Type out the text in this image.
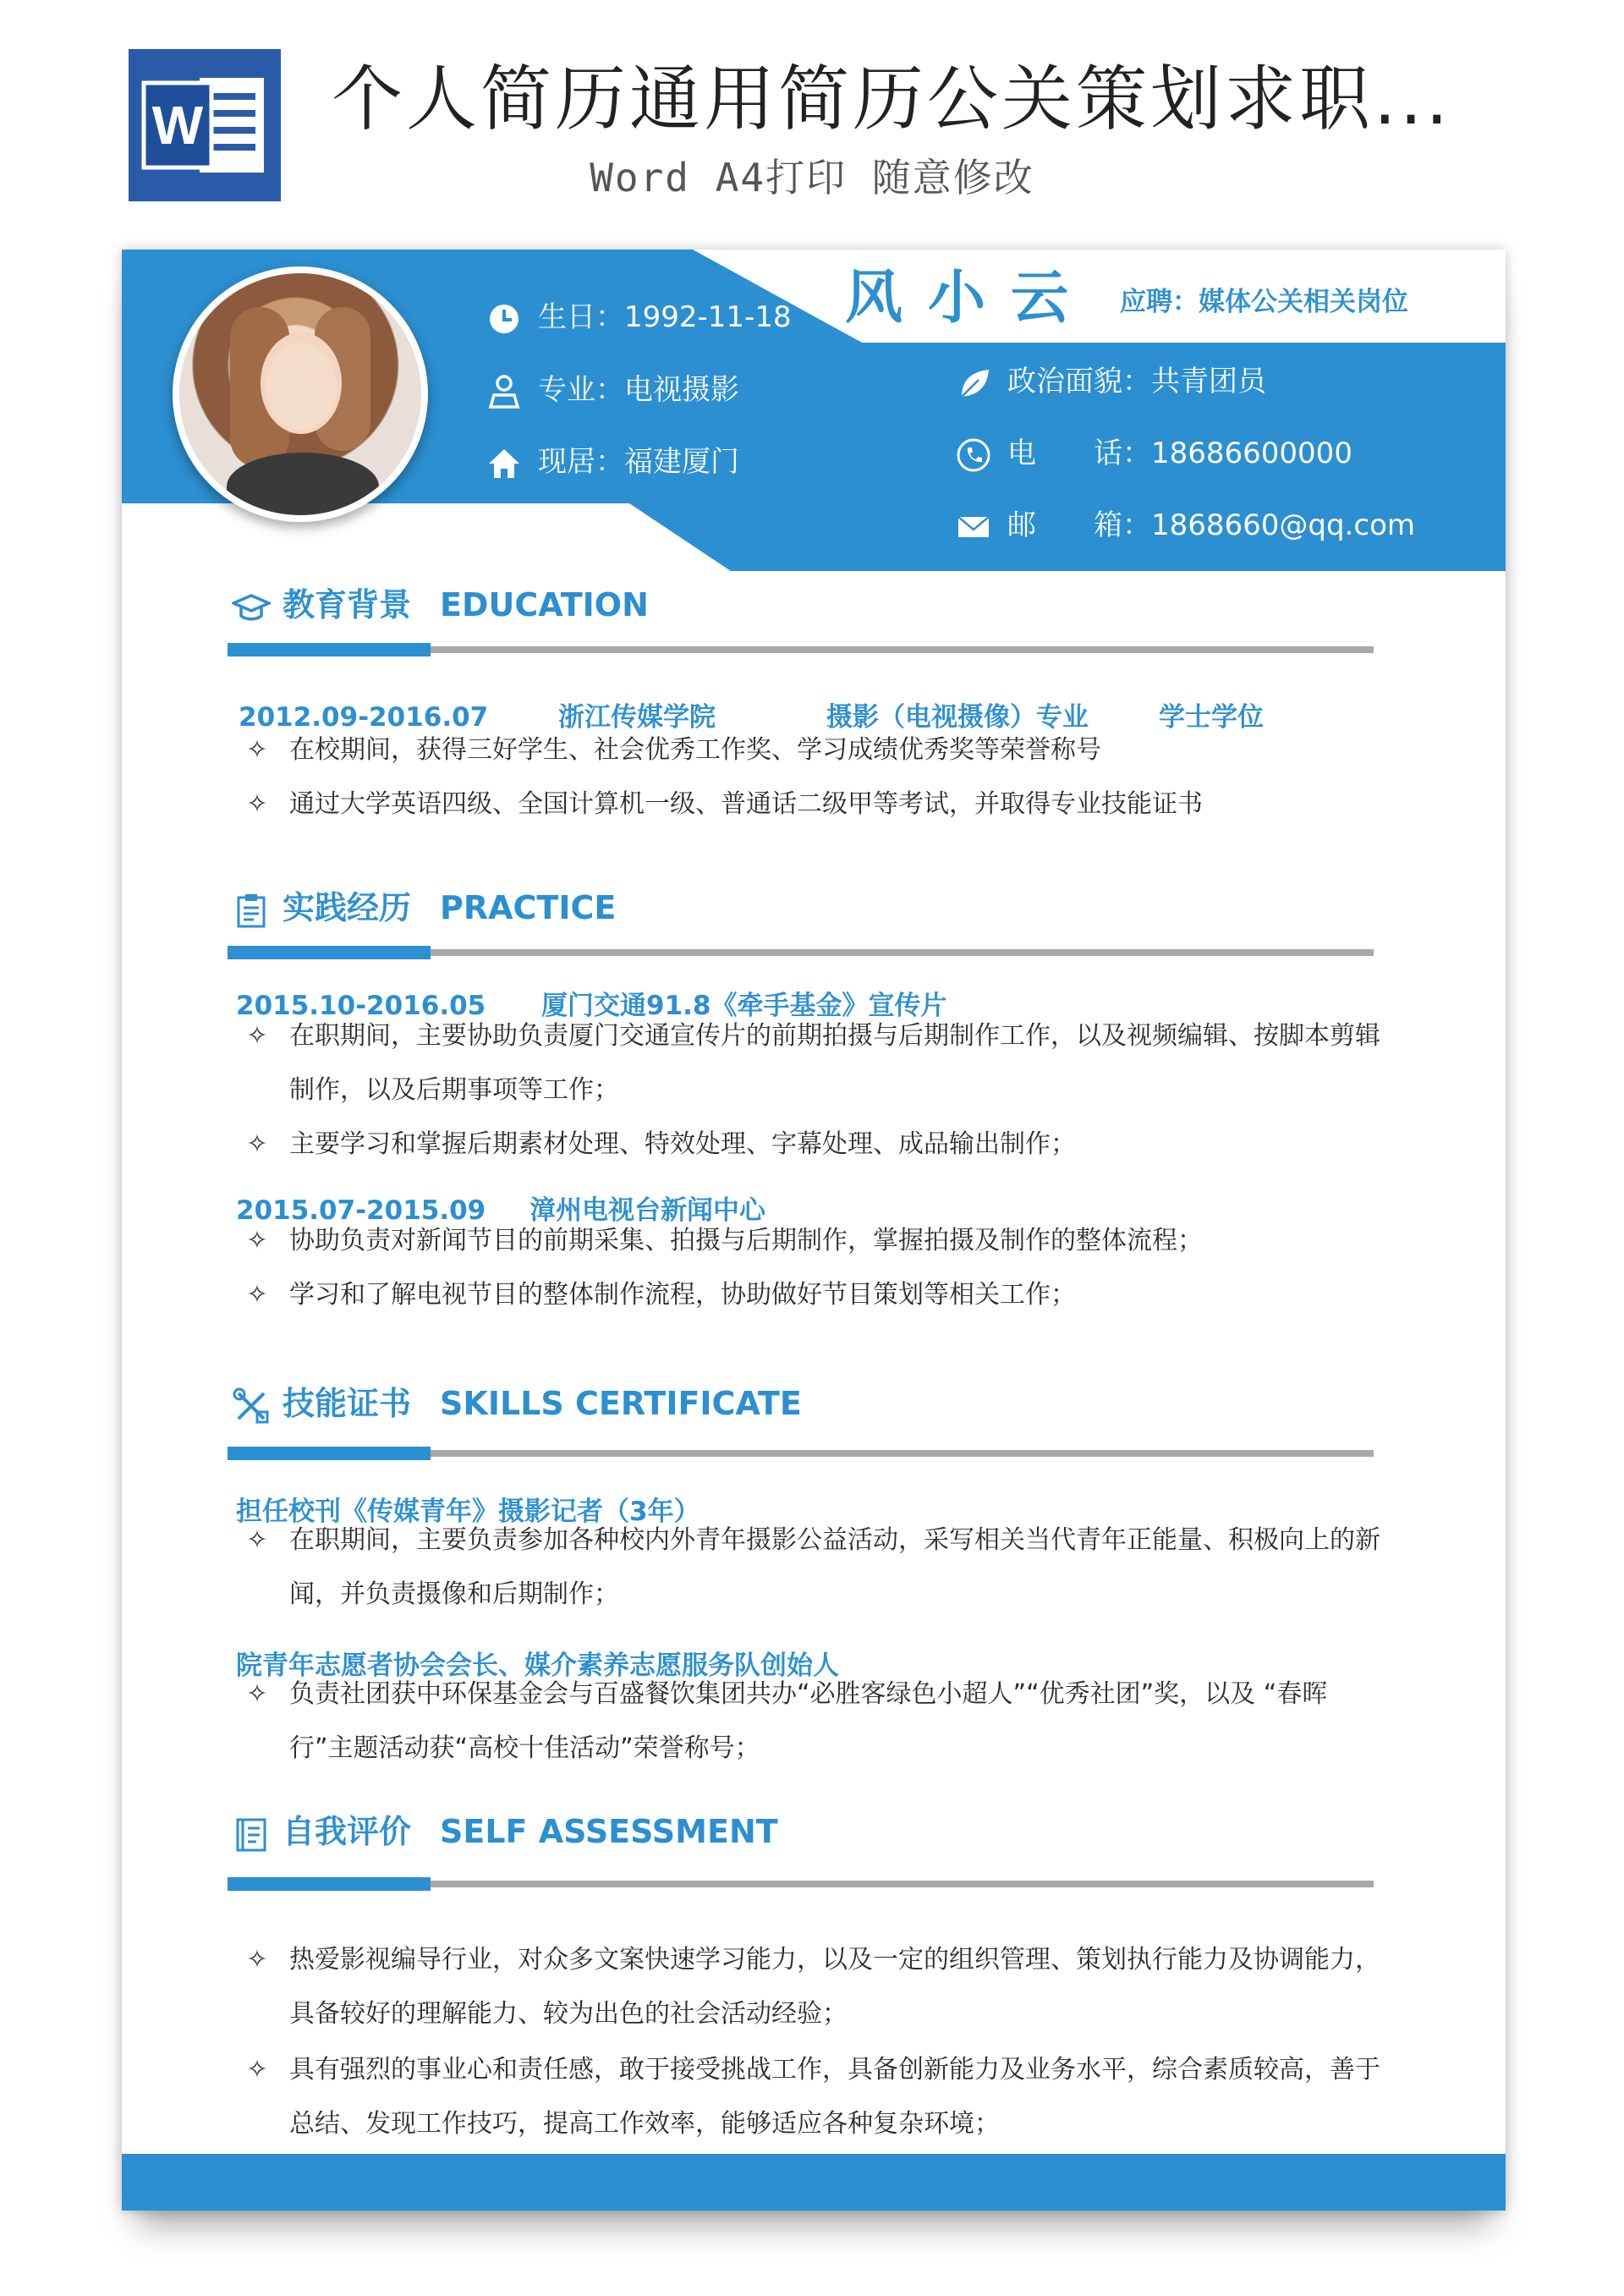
W 个人简历通用简历公关策划求职...
Word A4打印 随意修改
生日：1992-11-18
专业：电视摄影
现居：福建厦门
风小云 应聘：媒体公关相关岗位
政治面貌：共青团员
电　　话：18686600000
邮　　箱：1868660@qq.com
教育背景 EDUCATION
2012.09-2016.07	浙江传媒学院	摄影（电视摄像）专业	学士学位
✧ 在校期间，获得三好学生、社会优秀工作奖、学习成绩优秀奖等荣誉称号
✧ 通过大学英语四级、全国计算机一级、普通话二级甲等考试，并取得专业技能证书
实践经历 PRACTICE
2015.10-2016.05 厦门交通91.8《牵手基金》宣传片
✧ 在职期间，主要协助负责厦门交通宣传片的前期拍摄与后期制作工作，以及视频编辑、按脚本剪辑制作，以及后期事项等工作；
✧ 主要学习和掌握后期素材处理、特效处理、字幕处理、成品输出制作；
2015.07-2015.09 漳州电视台新闻中心
✧ 协助负责对新闻节目的前期采集、拍摄与后期制作，掌握拍摄及制作的整体流程；
✧ 学习和了解电视节目的整体制作流程，协助做好节目策划等相关工作；
技能证书 SKILLS CERTIFICATE
担任校刊《传媒青年》摄影记者（3年）
✧ 在职期间，主要负责参加各种校内外青年摄影公益活动，采写相关当代青年正能量、积极向上的新闻，并负责摄像和后期制作；
院青年志愿者协会会长、媒介素养志愿服务队创始人
✧ 负责社团获中环保基金会与百盛餐饮集团共办“必胜客绿色小超人”“优秀社团”奖，以及 “春晖行”主题活动获“高校十佳活动”荣誉称号；
自我评价 SELF ASSESSMENT
✧ 热爱影视编导行业，对众多文案快速学习能力，以及一定的组织管理、策划执行能力及协调能力，具备较好的理解能力、较为出色的社会活动经验；
✧ 具有强烈的事业心和责任感，敢于接受挑战工作，具备创新能力及业务水平，综合素质较高，善于总结、发现工作技巧，提高工作效率，能够适应各种复杂环境；
